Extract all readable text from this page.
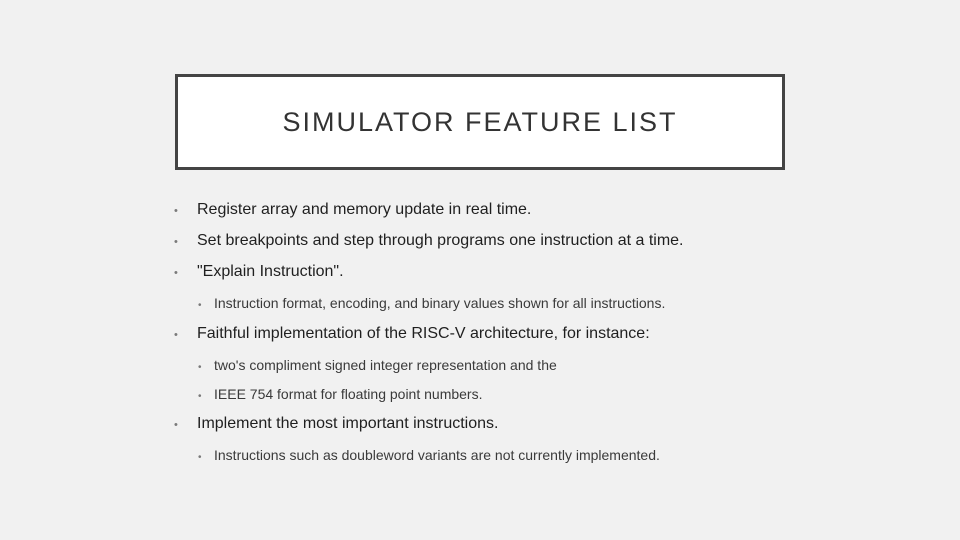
SIMULATOR FEATURE LIST
•	Register array and memory update in real time.
•	Set breakpoints and step through programs one instruction at a time.
•	"Explain Instruction".
• Instruction format, encoding, and binary values shown for all instructions.
•	Faithful implementation of the RISC-V architecture, for instance:
• two's compliment signed integer representation and the
• IEEE 754 format for floating point numbers.
•	Implement the most important instructions.
• Instructions such as doubleword variants are not currently implemented.
